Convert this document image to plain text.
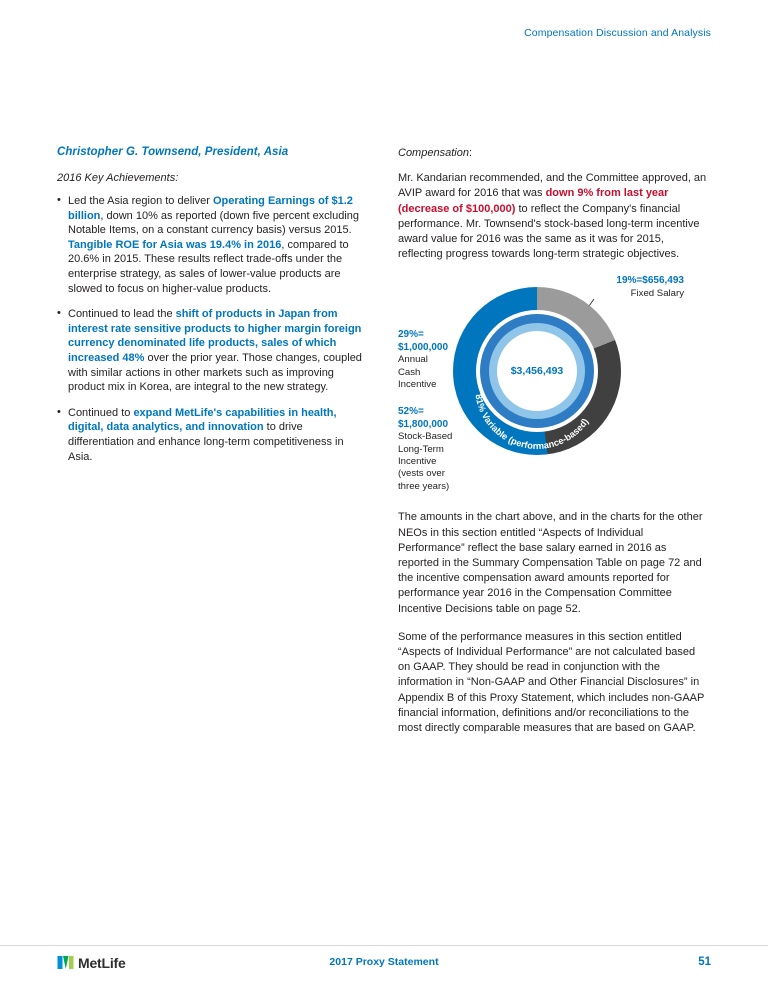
Compensation Discussion and Analysis
Christopher G. Townsend, President, Asia
2016 Key Achievements:
• Led the Asia region to deliver Operating Earnings of $1.2 billion, down 10% as reported (down five percent excluding Notable Items, on a constant currency basis) versus 2015. Tangible ROE for Asia was 19.4% in 2016, compared to 20.6% in 2015. These results reflect trade-offs under the enterprise strategy, as sales of lower-value products are slowed to focus on higher-value products.
• Continued to lead the shift of products in Japan from interest rate sensitive products to higher margin foreign currency denominated life products, sales of which increased 48% over the prior year. Those changes, coupled with similar actions in other markets such as improving product mix in Korea, are integral to the new strategy.
• Continued to expand MetLife's capabilities in health, digital, data analytics, and innovation to drive differentiation and enhance long-term competitiveness in Asia.
Compensation:
Mr. Kandarian recommended, and the Committee approved, an AVIP award for 2016 that was down 9% from last year (decrease of $100,000) to reflect the Company's financial performance. Mr. Townsend's stock-based long-term incentive award value for 2016 was the same as it was for 2015, reflecting progress towards long-term strategic objectives.
$3,456,493
81% Variable (performance-based)
19%=$656,493
Fixed Salary
29%= $1,000,000
Annual
Cash
Incentive
52%= $1,800,000
Stock-Based
Long-Term
Incentive
(vests over
three years)
The amounts in the chart above, and in the charts for the other NEOs in this section entitled “Aspects of Individual Performance” reflect the base salary earned in 2016 as reported in the Summary Compensation Table on page 72 and the incentive compensation award amounts reported for performance year 2016 in the Compensation Committee Incentive Decisions table on page 52.
Some of the performance measures in this section entitled “Aspects of Individual Performance” are not calculated based on GAAP. They should be read in conjunction with the information in “Non-GAAP and Other Financial Disclosures” in Appendix B of this Proxy Statement, which includes non-GAAP financial information, definitions and/or reconciliations to the most directly comparable measures that are based on GAAP.
MetLife	2017 Proxy Statement	51
